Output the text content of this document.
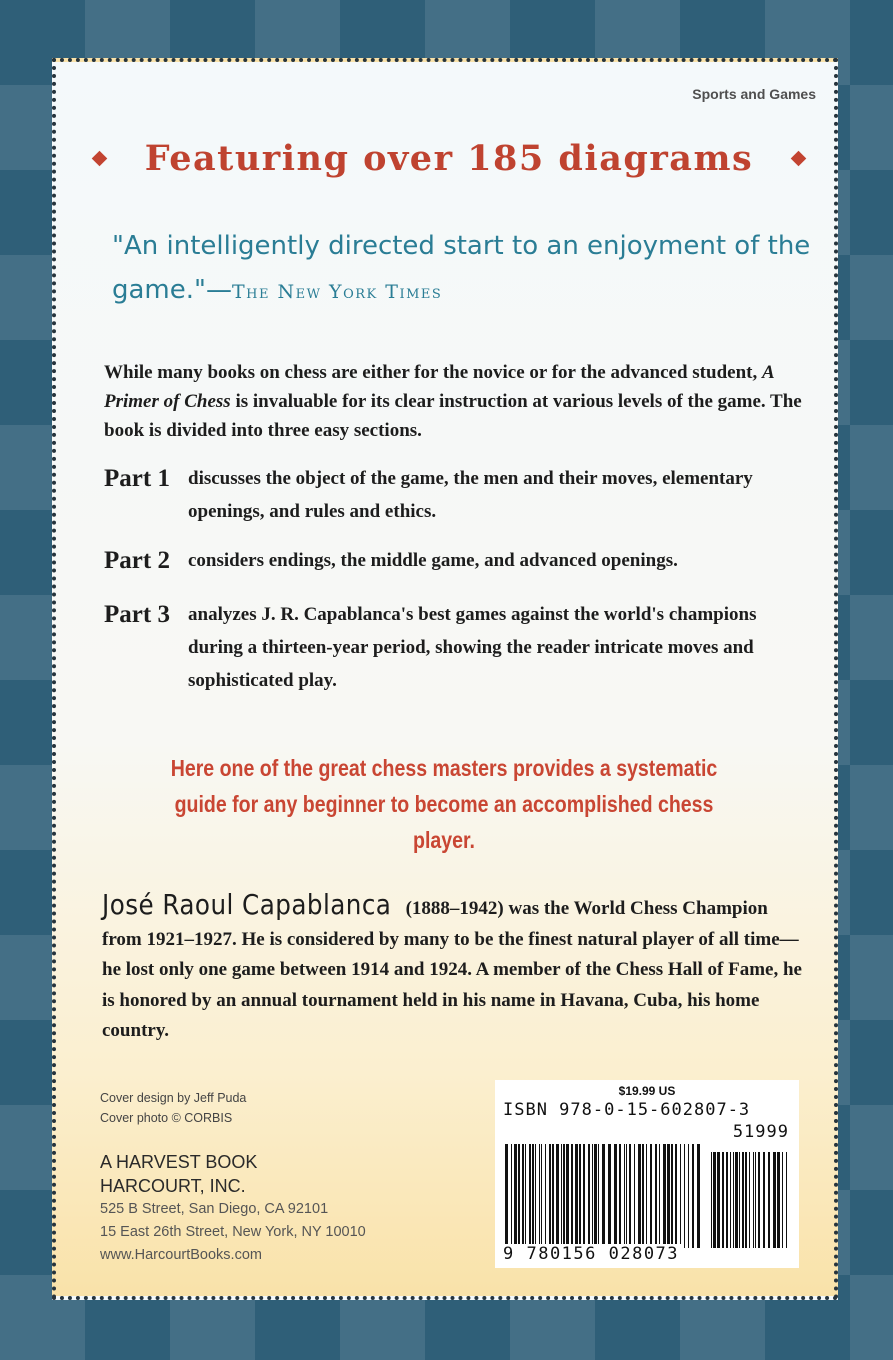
Sports and Games
Featuring over 185 diagrams
"An intelligently directed start to an enjoyment of the game."—The New York Times
While many books on chess are either for the novice or for the advanced student, A Primer of Chess is invaluable for its clear instruction at various levels of the game. The book is divided into three easy sections.
Part 1 discusses the object of the game, the men and their moves, elementary openings, and rules and ethics.
Part 2 considers endings, the middle game, and advanced openings.
Part 3 analyzes J. R. Capablanca's best games against the world's champions during a thirteen-year period, showing the reader intricate moves and sophisticated play.
Here one of the great chess masters provides a systematic guide for any beginner to become an accomplished chess player.
José Raoul Capablanca (1888–1942) was the World Chess Champion from 1921–1927. He is considered by many to be the finest natural player of all time—he lost only one game between 1914 and 1924. A member of the Chess Hall of Fame, he is honored by an annual tournament held in his name in Havana, Cuba, his home country.
Cover design by Jeff Puda
Cover photo © CORBIS
A HARVEST BOOK
HARCOURT, INC.
525 B Street, San Diego, CA 92101
15 East 26th Street, New York, NY 10010
www.HarcourtBooks.com
$19.99 US
ISBN 978-0-15-602807-3
51999
9 780156 028073
